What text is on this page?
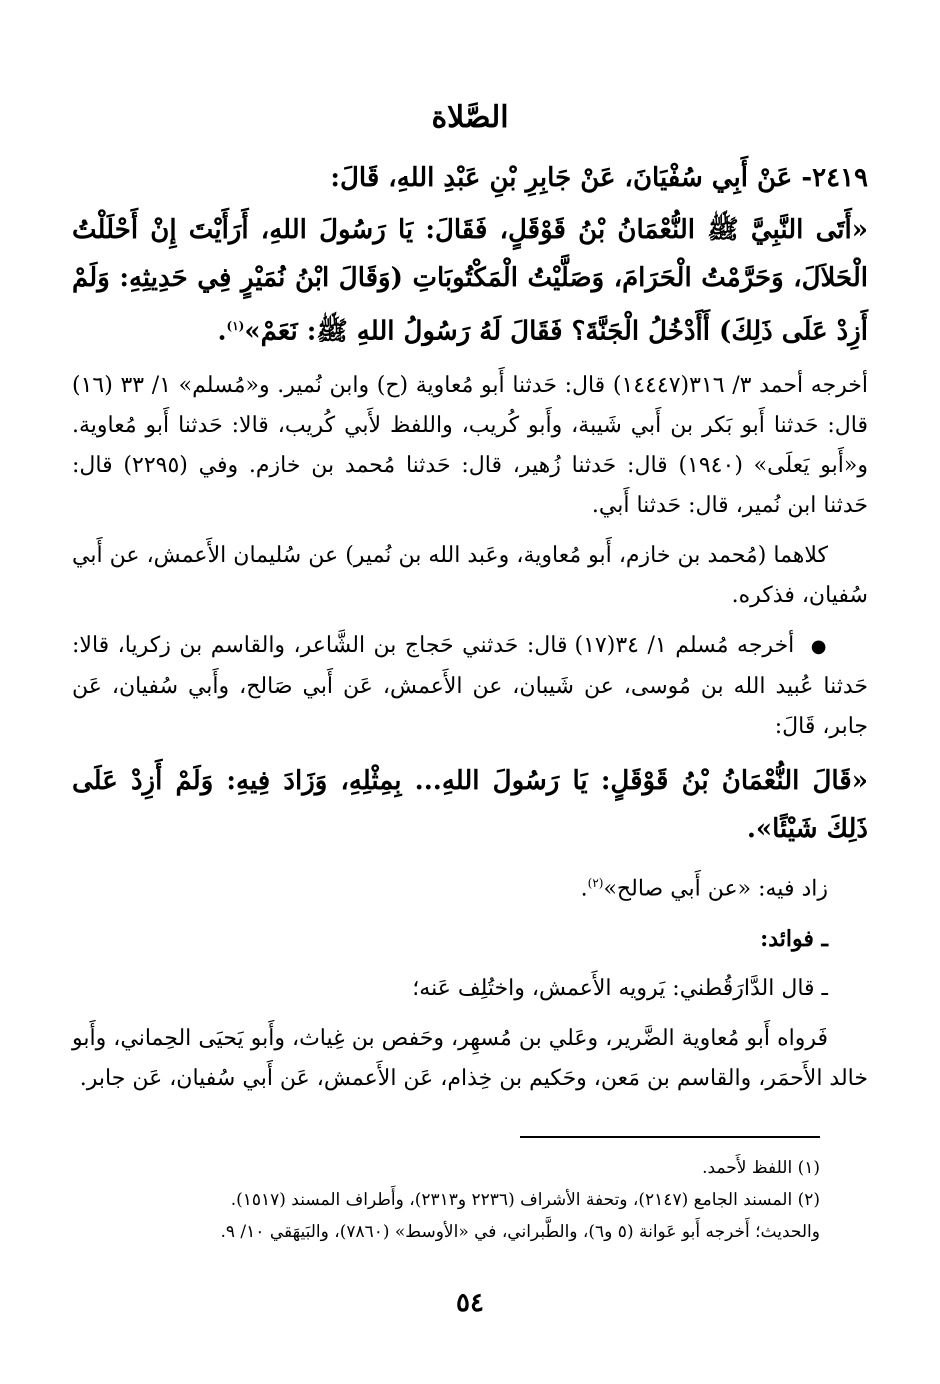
الصَّلاة

٢٤١٩- عَنْ أَبِي سُفْيَانَ، عَنْ جَابِرِ بْنِ عَبْدِ اللهِ، قَالَ:

«أَتَى النَّبِيَّ ﷺ النُّعْمَانُ بْنُ قَوْقَلٍ، فَقَالَ: يَا رَسُولَ اللهِ، أَرَأَيْتَ إِنْ أَحْلَلْتُ الْحَلاَلَ، وَحَرَّمْتُ الْحَرَامَ، وَصَلَّيْتُ الْمَكْتُوبَاتِ (وَقَالَ ابْنُ نُمَيْرٍ فِي حَدِيثِهِ: وَلَمْ أَزِدْ عَلَى ذَلِكَ) أَأَدْخُلُ الْجَنَّةَ؟ فَقَالَ لَهُ رَسُولُ اللهِ ﷺ: نَعَمْ»$^{(١)}$.

أخرجه أحمد ٣/ ٣١٦(١٤٤٤٧) قال: حَدثنا أَبو مُعاوية (ح) وابن نُمير. و«مُسلم» ١/ ٣٣ (١٦) قال: حَدثنا أَبو بَكر بن أَبي شَيبة، وأَبو كُريب، واللفظ لأَبي كُريب، قالا: حَدثنا أَبو مُعاوية. و«أَبو يَعلَى» (١٩٤٠) قال: حَدثنا زُهير، قال: حَدثنا مُحمد بن خازم. وفي (٢٢٩٥) قال: حَدثنا ابن نُمير، قال: حَدثنا أَبي.

كلاهما (مُحمد بن خازم، أَبو مُعاوية، وعَبد الله بن نُمير) عن سُليمان الأَعمش، عن أَبي سُفيان، فذكره.

● أخرجه مُسلم ١/ ٣٤(١٧) قال: حَدثني حَجاج بن الشَّاعر، والقاسم بن زكريا، قالا: حَدثنا عُبيد الله بن مُوسى، عن شَيبان، عن الأَعمش، عَن أَبي صَالح، وأَبي سُفيان، عَن جابر، قَالَ:

«قَالَ النُّعْمَانُ بْنُ قَوْقَلٍ: يَا رَسُولَ اللهِ... بِمِثْلِهِ، وَزَادَ فِيهِ: وَلَمْ أَزِدْ عَلَى ذَلِكَ شَيْئًا».

زاد فيه: «عن أَبي صالح»$^{(٢)}$.

ـ فوائد:

ـ قال الدَّارَقُطني: يَرويه الأَعمش، واختُلِف عَنه؛

فَرواه أَبو مُعاوية الضَّرير، وعَلي بن مُسهِر، وحَفص بن غِياث، وأَبو يَحيَى الحِماني، وأَبو خالد الأَحمَر، والقاسم بن مَعن، وحَكيم بن خِذام، عَن الأَعمش، عَن أَبي سُفيان، عَن جابر.

(١) اللفظ لأَحمد.

(٢) المسند الجامع (٢١٤٧)، وتحفة الأشراف (٢٢٣٦ و٢٣١٣)، وأَطراف المسند (١٥١٧).

والحديث؛ أَخرجه أَبو عَوانة (٥ و٦)، والطَّبراني، في «الأوسط» (٧٨٦٠)، والبَيهَقي ١٠/ ٩.

٥٤
